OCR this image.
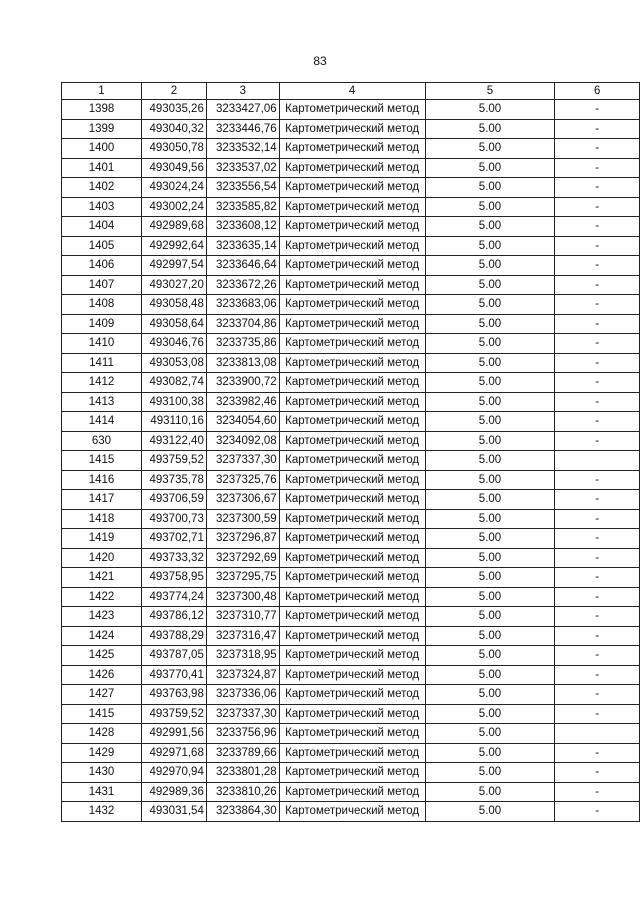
83
1	2	3	4	5	6
1398	493035,26	3233427,06	Картометрический метод	5.00	-
1399	493040,32	3233446,76	Картометрический метод	5.00	-
1400	493050,78	3233532,14	Картометрический метод	5.00	-
1401	493049,56	3233537,02	Картометрический метод	5.00	-
1402	493024,24	3233556,54	Картометрический метод	5.00	-
1403	493002,24	3233585,82	Картометрический метод	5.00	-
1404	492989,68	3233608,12	Картометрический метод	5.00	-
1405	492992,64	3233635,14	Картометрический метод	5.00	-
1406	492997,54	3233646,64	Картометрический метод	5.00	-
1407	493027,20	3233672,26	Картометрический метод	5.00	-
1408	493058,48	3233683,06	Картометрический метод	5.00	-
1409	493058,64	3233704,86	Картометрический метод	5.00	-
1410	493046,76	3233735,86	Картометрический метод	5.00	-
1411	493053,08	3233813,08	Картометрический метод	5.00	-
1412	493082,74	3233900,72	Картометрический метод	5.00	-
1413	493100,38	3233982,46	Картометрический метод	5.00	-
1414	493110,16	3234054,60	Картометрический метод	5.00	-
630	493122,40	3234092,08	Картометрический метод	5.00	-
1415	493759,52	3237337,30	Картометрический метод	5.00	
1416	493735,78	3237325,76	Картометрический метод	5.00	-
1417	493706,59	3237306,67	Картометрический метод	5.00	-
1418	493700,73	3237300,59	Картометрический метод	5.00	-
1419	493702,71	3237296,87	Картометрический метод	5.00	-
1420	493733,32	3237292,69	Картометрический метод	5.00	-
1421	493758,95	3237295,75	Картометрический метод	5.00	-
1422	493774,24	3237300,48	Картометрический метод	5.00	-
1423	493786,12	3237310,77	Картометрический метод	5.00	-
1424	493788,29	3237316,47	Картометрический метод	5.00	-
1425	493787,05	3237318,95	Картометрический метод	5.00	-
1426	493770,41	3237324,87	Картометрический метод	5.00	-
1427	493763,98	3237336,06	Картометрический метод	5.00	-
1415	493759,52	3237337,30	Картометрический метод	5.00	-
1428	492991,56	3233756,96	Картометрический метод	5.00	
1429	492971,68	3233789,66	Картометрический метод	5.00	-
1430	492970,94	3233801,28	Картометрический метод	5.00	-
1431	492989,36	3233810,26	Картометрический метод	5.00	-
1432	493031,54	3233864,30	Картометрический метод	5.00	-
